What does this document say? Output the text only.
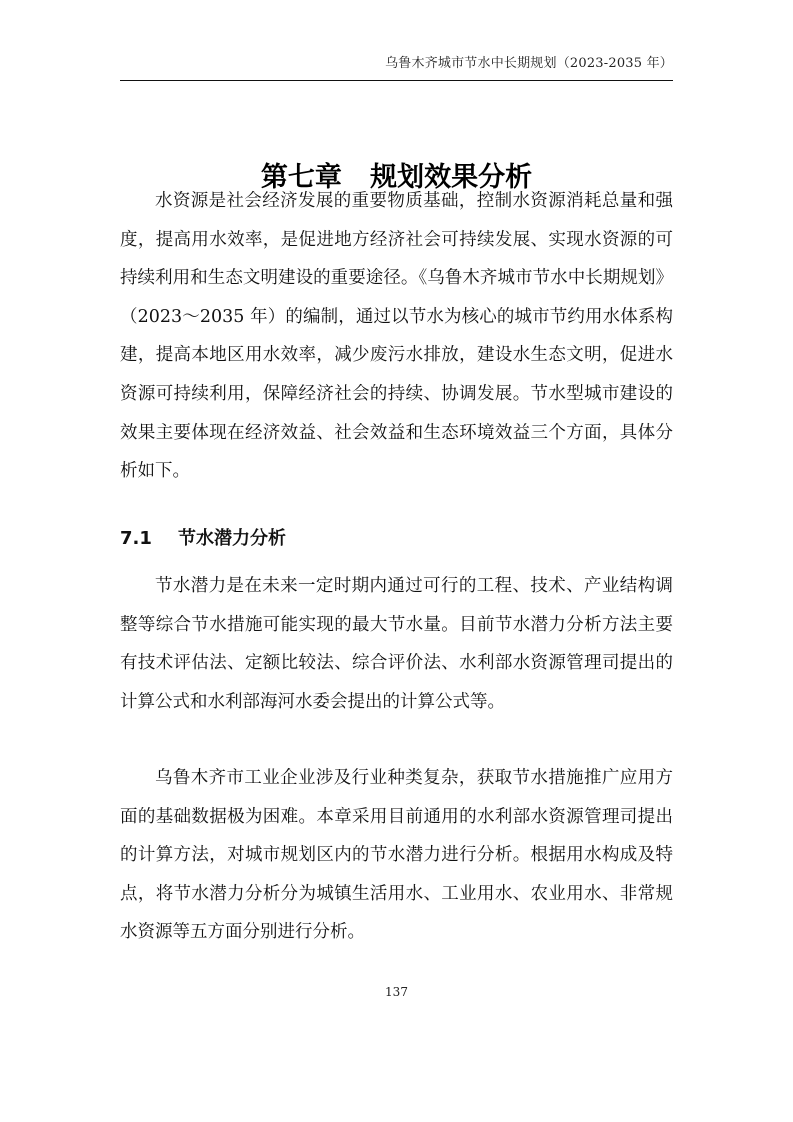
乌鲁木齐城市节水中长期规划（2023-2035 年）
第七章   规划效果分析

水资源是社会经济发展的重要物质基础，控制水资源消耗总量和强度，提高用水效率，是促进地方经济社会可持续发展、实现水资源的可持续利用和生态文明建设的重要途径。《乌鲁木齐城市节水中长期规划》（2023～2035 年）的编制，通过以节水为核心的城市节约用水体系构建，提高本地区用水效率，减少废污水排放，建设水生态文明，促进水资源可持续利用，保障经济社会的持续、协调发展。节水型城市建设的效果主要体现在经济效益、社会效益和生态环境效益三个方面，具体分析如下。

7.1 节水潜力分析

节水潜力是在未来一定时期内通过可行的工程、技术、产业结构调整等综合节水措施可能实现的最大节水量。目前节水潜力分析方法主要有技术评估法、定额比较法、综合评价法、水利部水资源管理司提出的计算公式和水利部海河水委会提出的计算公式等。

乌鲁木齐市工业企业涉及行业种类复杂，获取节水措施推广应用方面的基础数据极为困难。本章采用目前通用的水利部水资源管理司提出的计算方法，对城市规划区内的节水潜力进行分析。根据用水构成及特点，将节水潜力分析分为城镇生活用水、工业用水、农业用水、非常规水资源等五方面分别进行分析。

137
